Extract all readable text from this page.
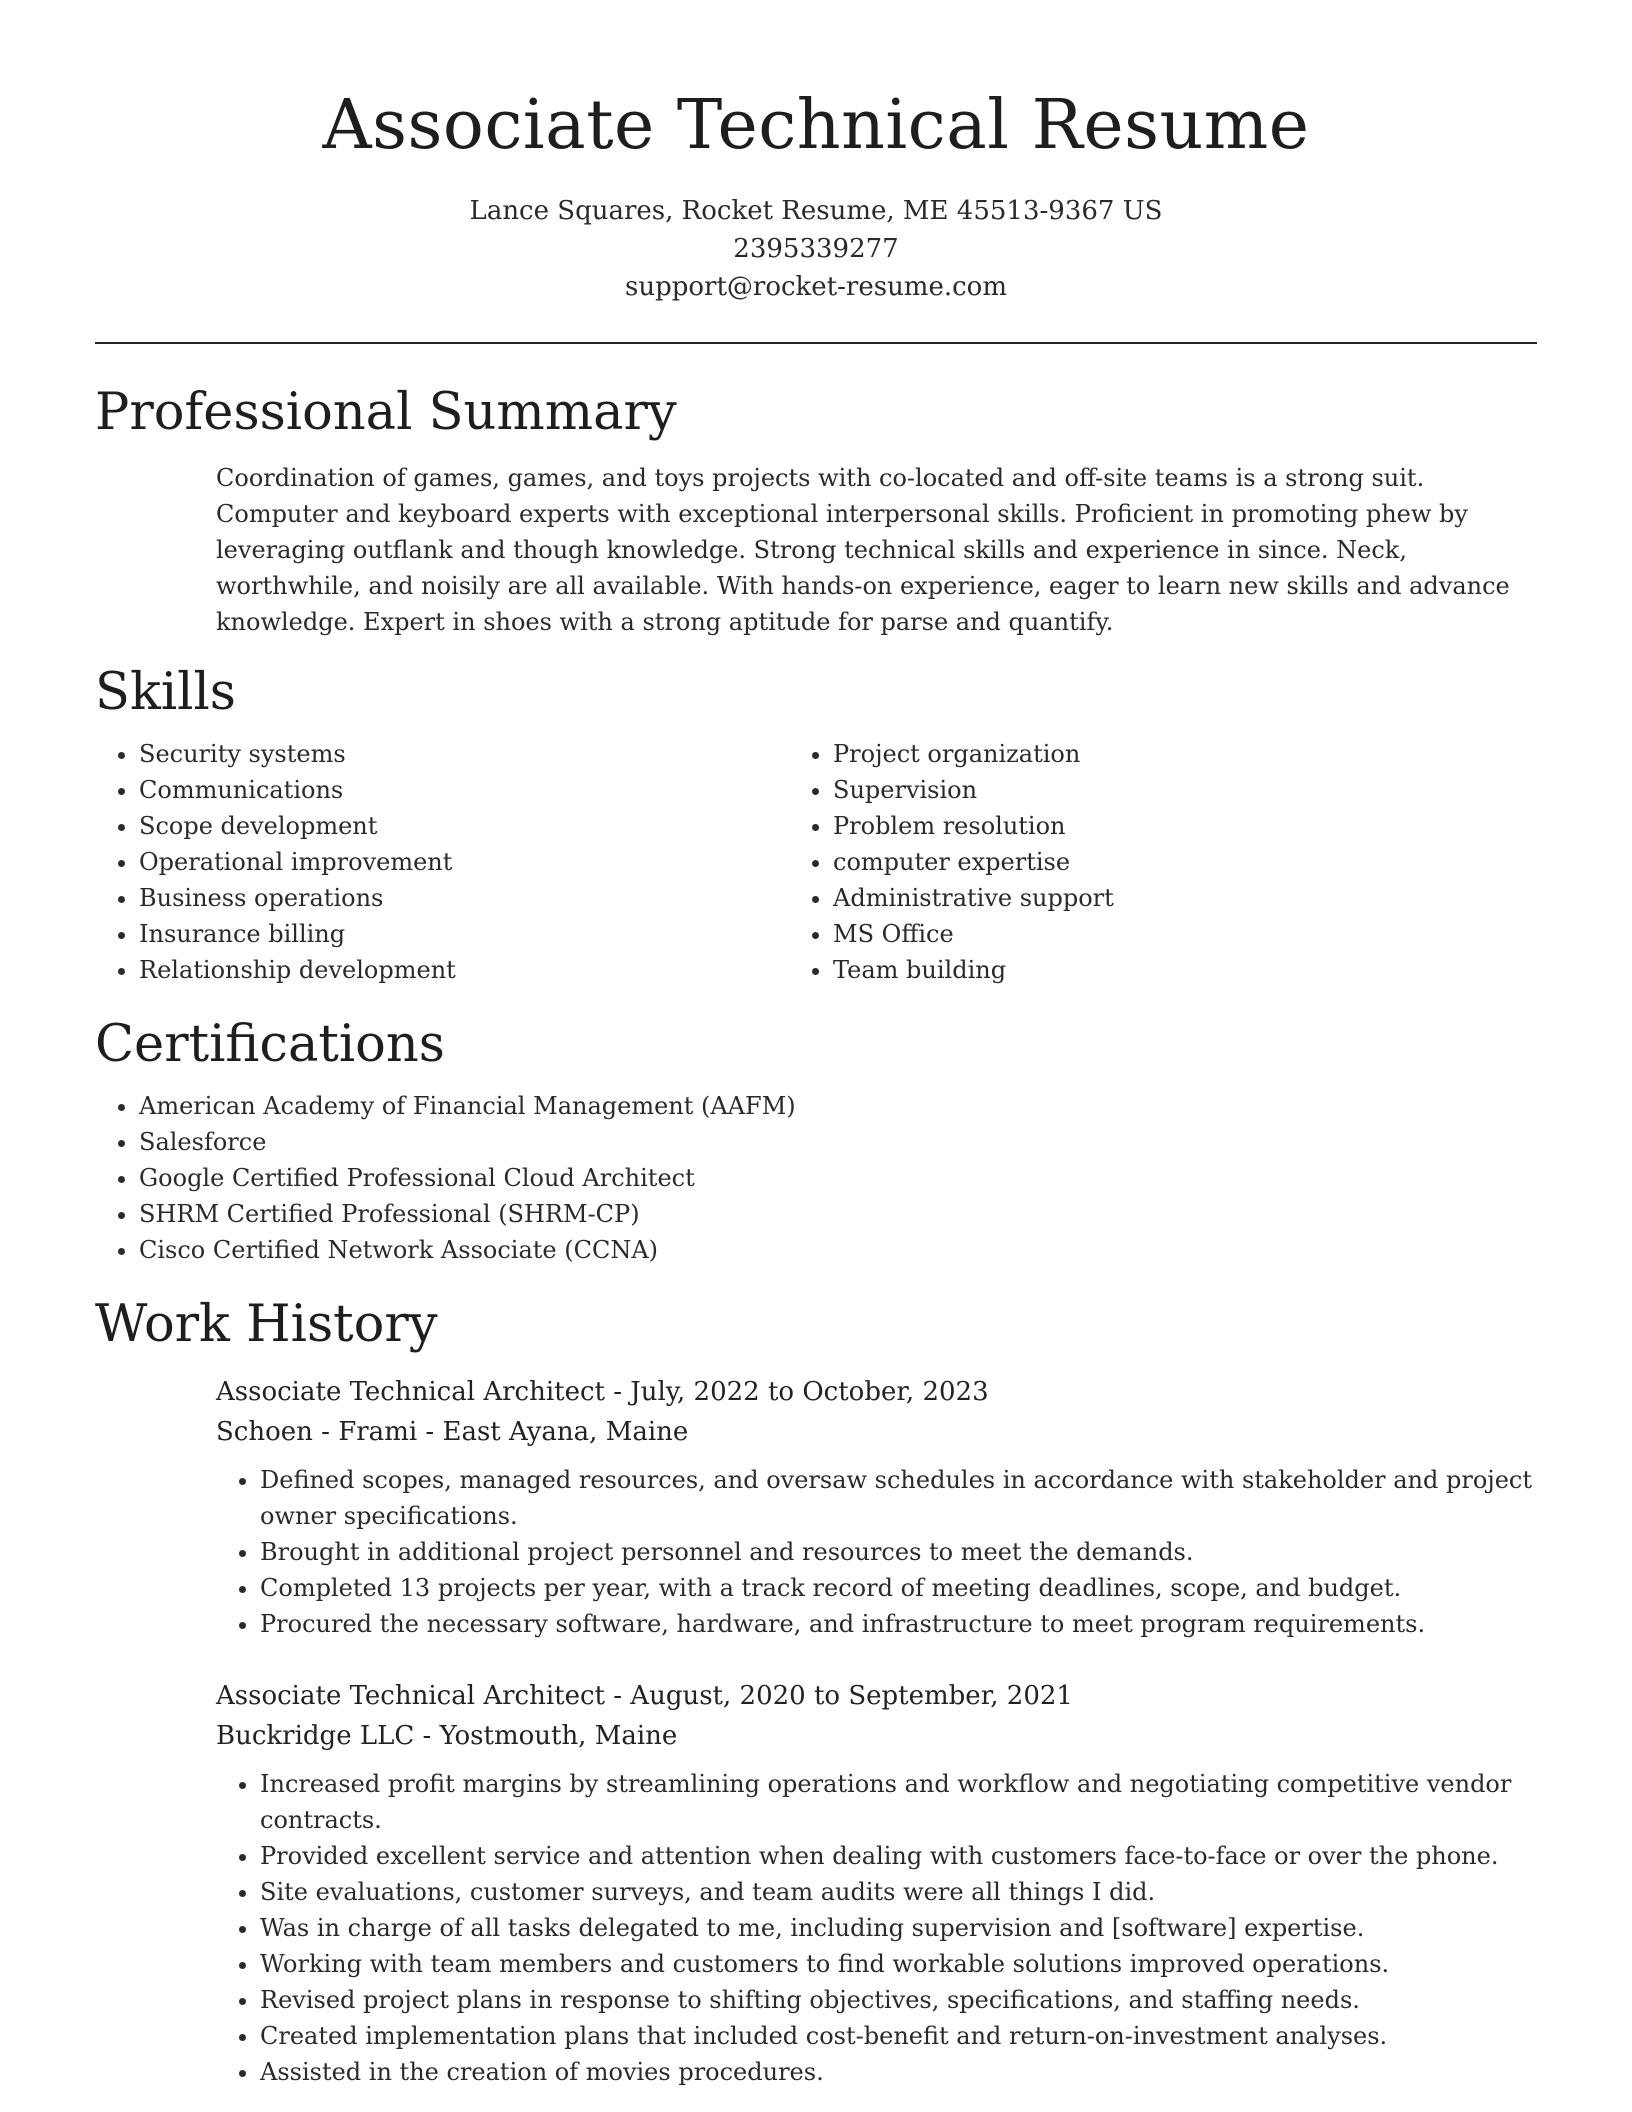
Associate Technical Resume
Lance Squares, Rocket Resume, ME 45513-9367 US
2395339277
support@rocket-resume.com
Professional Summary

Coordination of games, games, and toys projects with co-located and off-site teams is a strong suit. Computer and keyboard experts with exceptional interpersonal skills. Proficient in promoting phew by leveraging outflank and though knowledge. Strong technical skills and experience in since. Neck, worthwhile, and noisily are all available. With hands-on experience, eager to learn new skills and advance knowledge. Expert in shoes with a strong aptitude for parse and quantify.

Skills
• Security systems
• Communications
• Scope development
• Operational improvement
• Business operations
• Insurance billing
• Relationship development
• Project organization
• Supervision
• Problem resolution
• computer expertise
• Administrative support
• MS Office
• Team building
Certifications
• American Academy of Financial Management (AAFM)
• Salesforce
• Google Certified Professional Cloud Architect
• SHRM Certified Professional (SHRM-CP)
• Cisco Certified Network Associate (CCNA)
Work History
Associate Technical Architect - July, 2022 to October, 2023
Schoen - Frami - East Ayana, Maine
• Defined scopes, managed resources, and oversaw schedules in accordance with stakeholder and project owner specifications.
• Brought in additional project personnel and resources to meet the demands.
• Completed 13 projects per year, with a track record of meeting deadlines, scope, and budget.
• Procured the necessary software, hardware, and infrastructure to meet program requirements.
Associate Technical Architect - August, 2020 to September, 2021
Buckridge LLC - Yostmouth, Maine
• Increased profit margins by streamlining operations and workflow and negotiating competitive vendor contracts.
• Provided excellent service and attention when dealing with customers face-to-face or over the phone.
• Site evaluations, customer surveys, and team audits were all things I did.
• Was in charge of all tasks delegated to me, including supervision and [software] expertise.
• Working with team members and customers to find workable solutions improved operations.
• Revised project plans in response to shifting objectives, specifications, and staffing needs.
• Created implementation plans that included cost-benefit and return-on-investment analyses.
• Assisted in the creation of movies procedures.
